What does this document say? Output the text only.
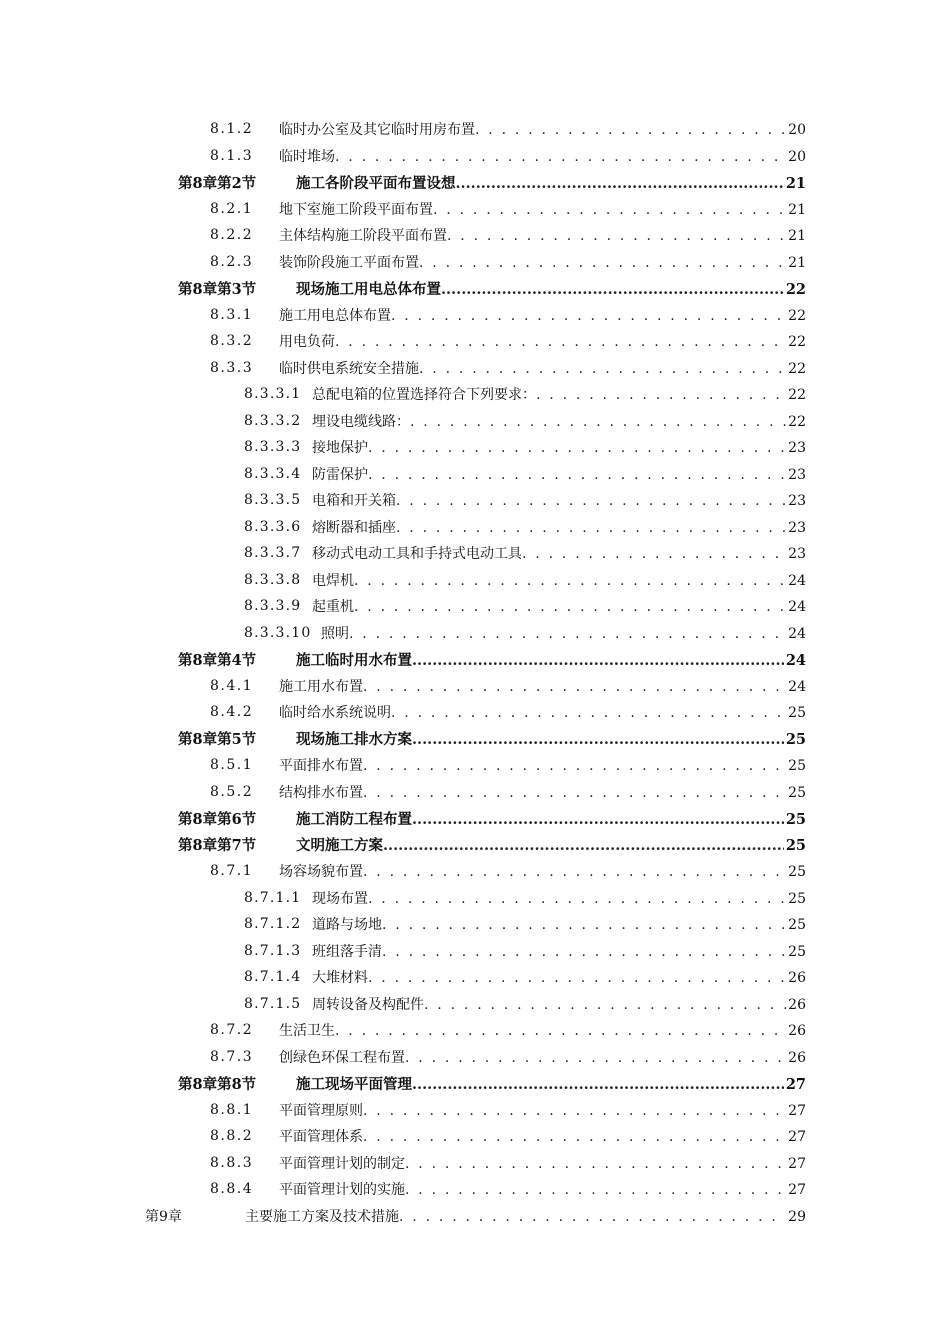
8.1.2 临时办公室及其它临时用房布置 . . .	20
8.1.3 临时堆场 . . .	20
第8章第2节	施工各阶段平面布置设想 .....	21
8.2.1 地下室施工阶段平面布置 . . .	21
8.2.2 主体结构施工阶段平面布置 . . .	21
8.2.3 装饰阶段施工平面布置 . . .	21
第8章第3节	现场施工用电总体布置 .....	22
8.3.1 施工用电总体布置 . . .	22
8.3.2 用电负荷 . . .	22
8.3.3 临时供电系统安全措施 . . .	22
8.3.3.1 总配电箱的位置选择符合下列要求： . . .	22
8.3.3.2 埋设电缆线路： . . .	22
8.3.3.3 接地保护 . . .	23
8.3.3.4 防雷保护 . . .	23
8.3.3.5 电箱和开关箱 . . .	23
8.3.3.6 熔断器和插座 . . .	23
8.3.3.7 移动式电动工具和手持式电动工具 . . .	23
8.3.3.8 电焊机 . . .	24
8.3.3.9 起重机 . . .	24
8.3.3.10 照明 . . .	24
第8章第4节	施工临时用水布置 .....	24
8.4.1 施工用水布置 . . .	24
8.4.2 临时给水系统说明 . . .	25
第8章第5节	现场施工排水方案 .....	25
8.5.1 平面排水布置 . . .	25
8.5.2 结构排水布置 . . .	25
第8章第6节	施工消防工程布置 .....	25
第8章第7节	文明施工方案 .....	25
8.7.1 场容场貌布置 . . .	25
8.7.1.1 现场布置 . . .	25
8.7.1.2 道路与场地 . . .	25
8.7.1.3 班组落手清 . . .	25
8.7.1.4 大堆材料 . . .	26
8.7.1.5 周转设备及构配件 . . .	26
8.7.2 生活卫生 . . .	26
8.7.3 创绿色环保工程布置 . . .	26
第8章第8节	施工现场平面管理 .....	27
8.8.1 平面管理原则 . . .	27
8.8.2 平面管理体系 . . .	27
8.8.3 平面管理计划的制定 . . .	27
8.8.4 平面管理计划的实施 . . .	27
第9章	主要施工方案及技术措施 . . .	29
